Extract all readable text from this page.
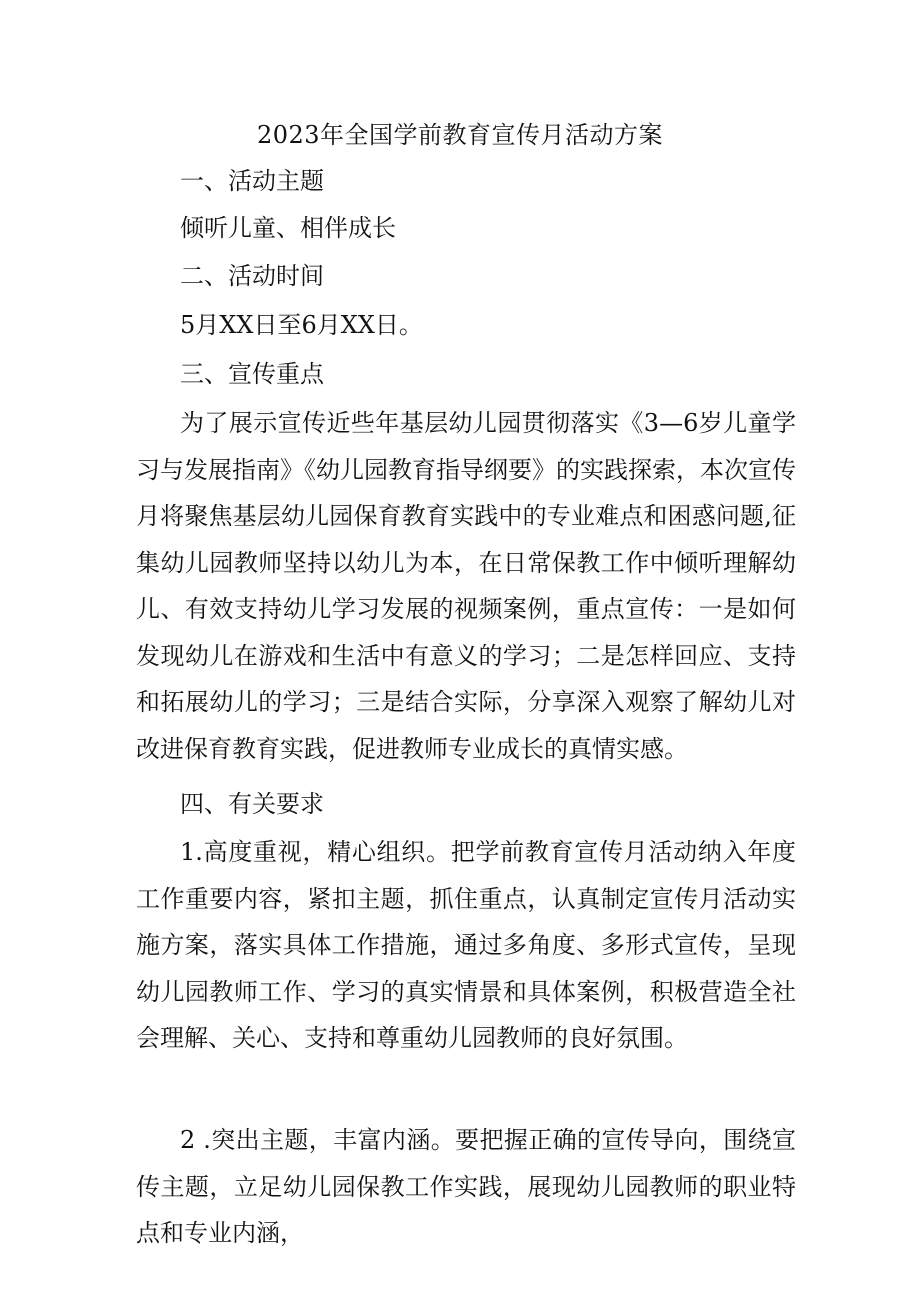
2023年全国学前教育宣传月活动方案
一、活动主题
倾听儿童、相伴成长
二、活动时间
5月XX日至6月XX日。
三、宣传重点

为了展示宣传近些年基层幼儿园贯彻落实《3—6岁儿童学习与发展指南》《幼儿园教育指导纲要》的实践探索，本次宣传月将聚焦基层幼儿园保育教育实践中的专业难点和困惑问题,征集幼儿园教师坚持以幼儿为本，在日常保教工作中倾听理解幼儿、有效支持幼儿学习发展的视频案例，重点宣传：一是如何发现幼儿在游戏和生活中有意义的学习；二是怎样回应、支持和拓展幼儿的学习；三是结合实际，分享深入观察了解幼儿对改进保育教育实践，促进教师专业成长的真情实感。

四、有关要求

1.高度重视，精心组织。把学前教育宣传月活动纳入年度工作重要内容，紧扣主题，抓住重点，认真制定宣传月活动实施方案，落实具体工作措施，通过多角度、多形式宣传，呈现幼儿园教师工作、学习的真实情景和具体案例，积极营造全社会理解、关心、支持和尊重幼儿园教师的良好氛围。

2 .突出主题，丰富内涵。要把握正确的宣传导向，围绕宣传主题，立足幼儿园保教工作实践，展现幼儿园教师的职业特点和专业内涵，
